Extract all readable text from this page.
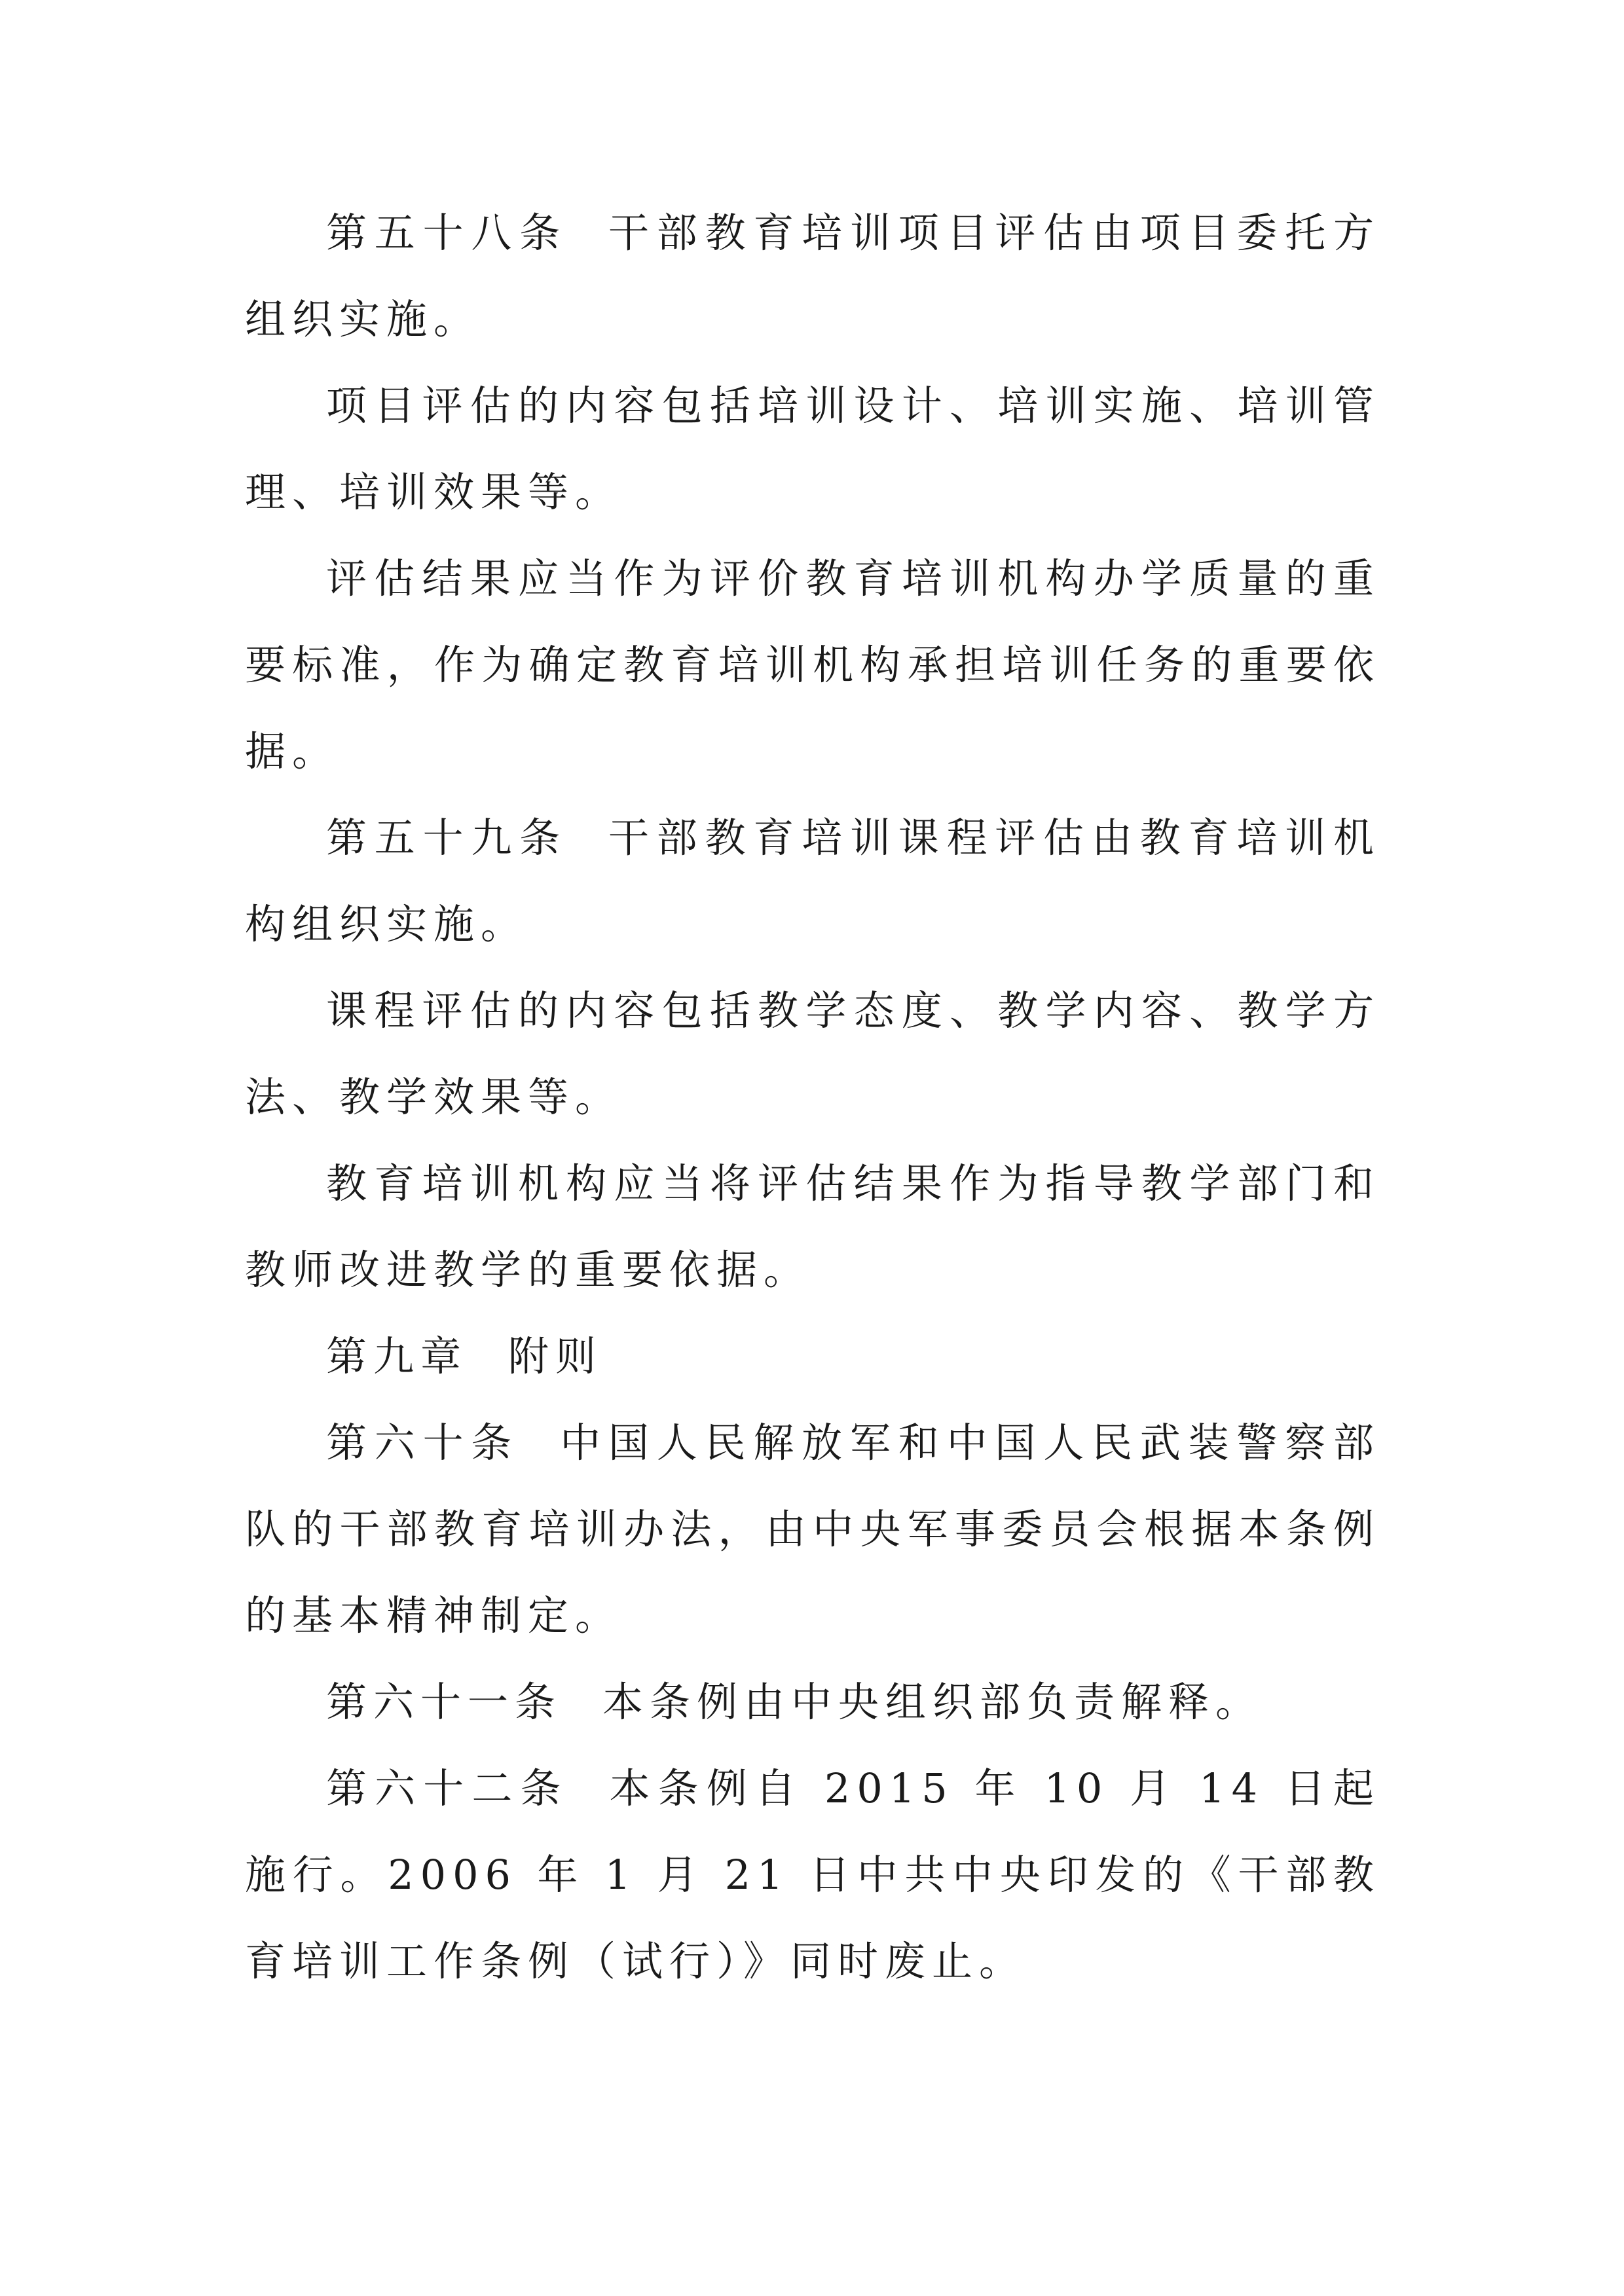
第五十八条 干部教育培训项目评估由项目委托方组织实施。

项目评估的内容包括培训设计、培训实施、培训管理、培训效果等。

评估结果应当作为评价教育培训机构办学质量的重要标准，作为确定教育培训机构承担培训任务的重要依据。

第五十九条 干部教育培训课程评估由教育培训机构组织实施。

课程评估的内容包括教学态度、教学内容、教学方法、教学效果等。

教育培训机构应当将评估结果作为指导教学部门和教师改进教学的重要依据。

第九章 附则

第六十条 中国人民解放军和中国人民武装警察部队的干部教育培训办法，由中央军事委员会根据本条例的基本精神制定。

第六十一条 本条例由中央组织部负责解释。

第六十二条 本条例自 2015 年 10 月 14 日起施行。2006 年 1 月 21 日中共中央印发的《干部教育培训工作条例（试行）》同时废止。
